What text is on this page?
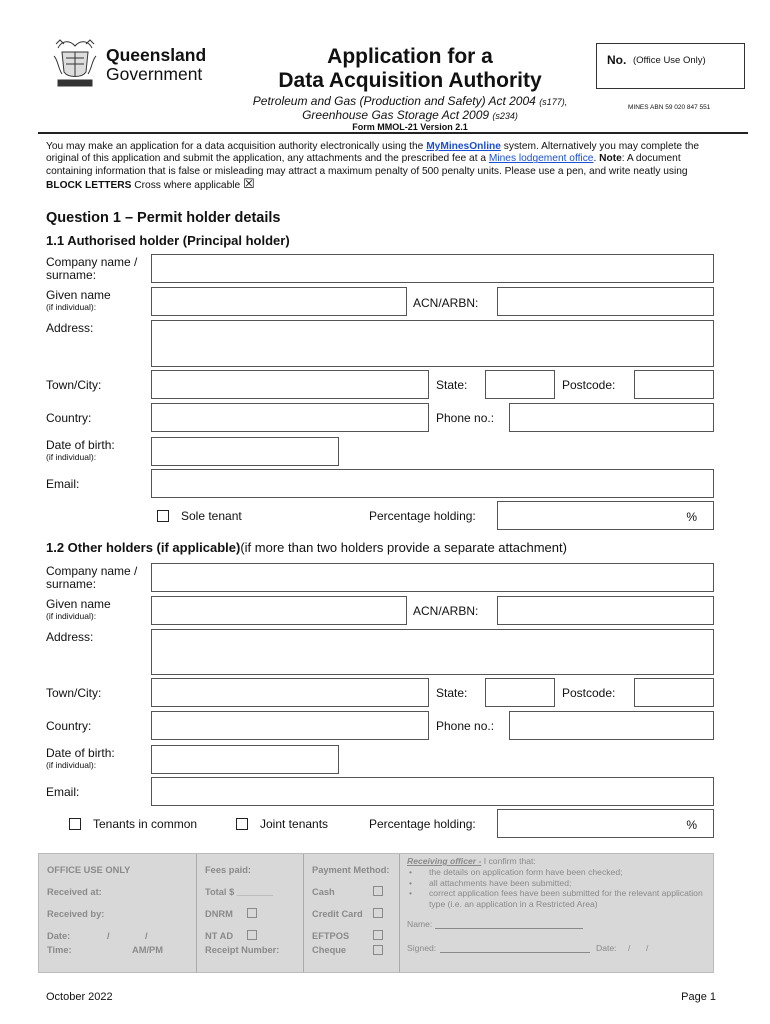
Queensland
Government
Application for a
Data Acquisition Authority
Petroleum and Gas (Production and Safety) Act 2004 (s177),
Greenhouse Gas Storage Act 2009 (s234)
Form MMOL-21 Version 2.1
No. (Office Use Only)
MINES ABN 59 020 847 551
You may make an application for a data acquisition authority electronically using the MyMinesOnline system. Alternatively you may complete the original of this application and submit the application, any attachments and the prescribed fee at a Mines lodgement office. Note: A document containing information that is false or misleading may attract a maximum penalty of 500 penalty units. Please use a pen, and write neatly using BLOCK LETTERS Cross where applicable ☒
Question 1 – Permit holder details
1.1 Authorised holder (Principal holder)
Company name /
surname:
Given name
(if individual):	ACN/ARBN:
Address:
Town/City:	State:	Postcode:
Country:	Phone no.:
Date of birth:
(if individual):
Email:
Sole tenant	Percentage holding:	%
1.2 Other holders (if applicable)(if more than two holders provide a separate attachment)
Company name /
surname:
Given name
(if individual):	ACN/ARBN:
Address:
Town/City:	State:	Postcode:
Country:	Phone no.:
Date of birth:
(if individual):
Email:
Tenants in common	Joint tenants	Percentage holding:	%
OFFICE USE ONLY
Received at:
Received by:
Date:	/	/
Time:	AM/PM
Fees paid:
Total $ _______
DNRM
NT AD
Receipt Number:
Payment Method:
Cash
Credit Card
EFTPOS
Cheque
Receiving officer - I confirm that:
• the details on application form have been checked;
• all attachments have been submitted;
• correct application fees have been submitted for the relevant application type (i.e. an application in a Restricted Area)
Name:
Signed:	Date: / /
October 2022	Page 1
